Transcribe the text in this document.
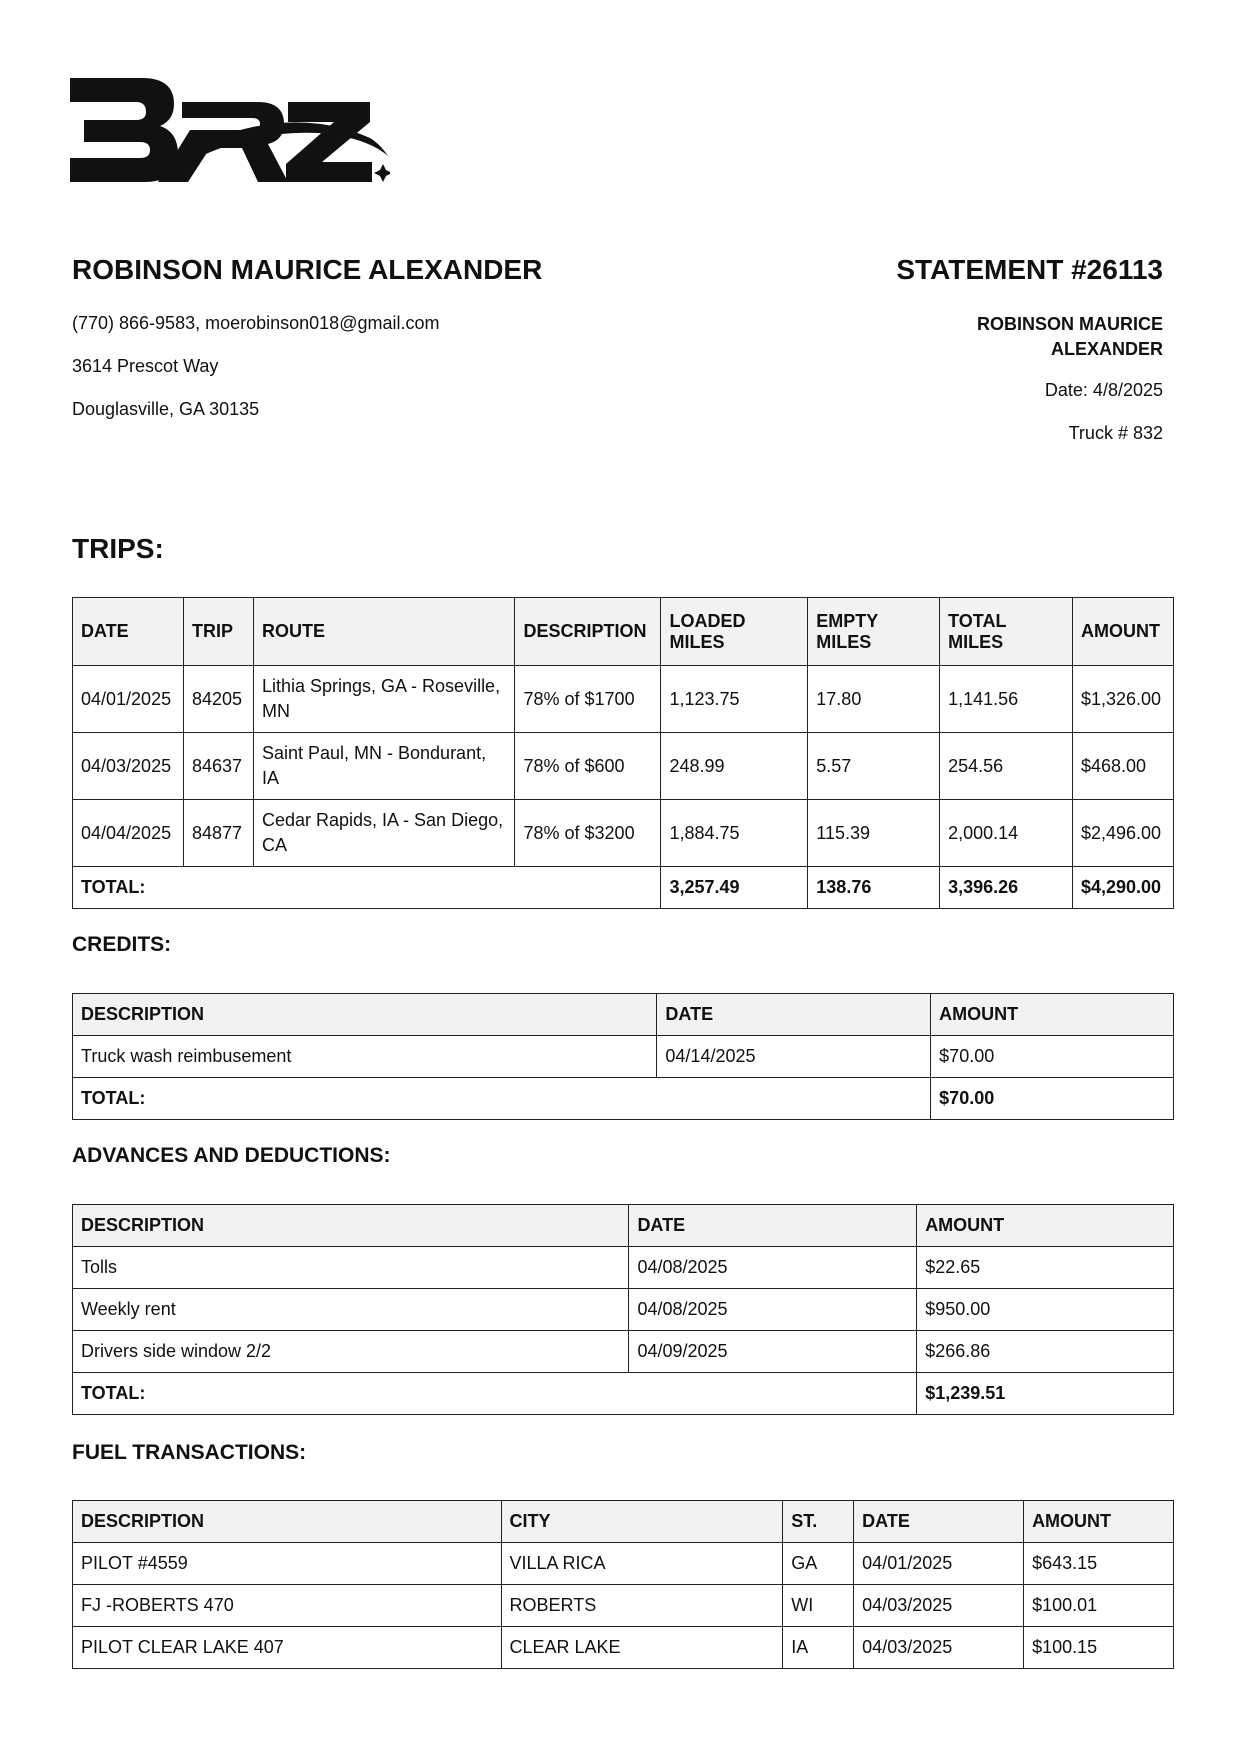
ROBINSON MAURICE ALEXANDER	STATEMENT #26113

(770) 866-9583, moerobinson018@gmail.com

3614 Prescot Way

Douglasville, GA 30135

ROBINSON MAURICE

ALEXANDER

Date: 4/8/2025

Truck # 832

TRIPS:
DATE	TRIP	ROUTE	DESCRIPTION	LOADED MILES	EMPTY MILES	TOTAL MILES	AMOUNT
04/01/2025	84205	Lithia Springs, GA - Roseville, MN	78% of $1700	1,123.75	17.80	1,141.56	$1,326.00
04/03/2025	84637	Saint Paul, MN - Bondurant, IA	78% of $600	248.99	5.57	254.56	$468.00
04/04/2025	84877	Cedar Rapids, IA - San Diego, CA	78% of $3200	1,884.75	115.39	2,000.14	$2,496.00
TOTAL:				3,257.49	138.76	3,396.26	$4,290.00
CREDITS:
DESCRIPTION	DATE	AMOUNT
Truck wash reimbusement	04/14/2025	$70.00
TOTAL:		$70.00
ADVANCES AND DEDUCTIONS:
DESCRIPTION	DATE	AMOUNT
Tolls	04/08/2025	$22.65
Weekly rent	04/08/2025	$950.00
Drivers side window 2/2	04/09/2025	$266.86
TOTAL:		$1,239.51
FUEL TRANSACTIONS:
DESCRIPTION	CITY	ST.	DATE	AMOUNT
PILOT #4559	VILLA RICA	GA	04/01/2025	$643.15
FJ -ROBERTS 470	ROBERTS	WI	04/03/2025	$100.01
PILOT CLEAR LAKE 407	CLEAR LAKE	IA	04/03/2025	$100.15
